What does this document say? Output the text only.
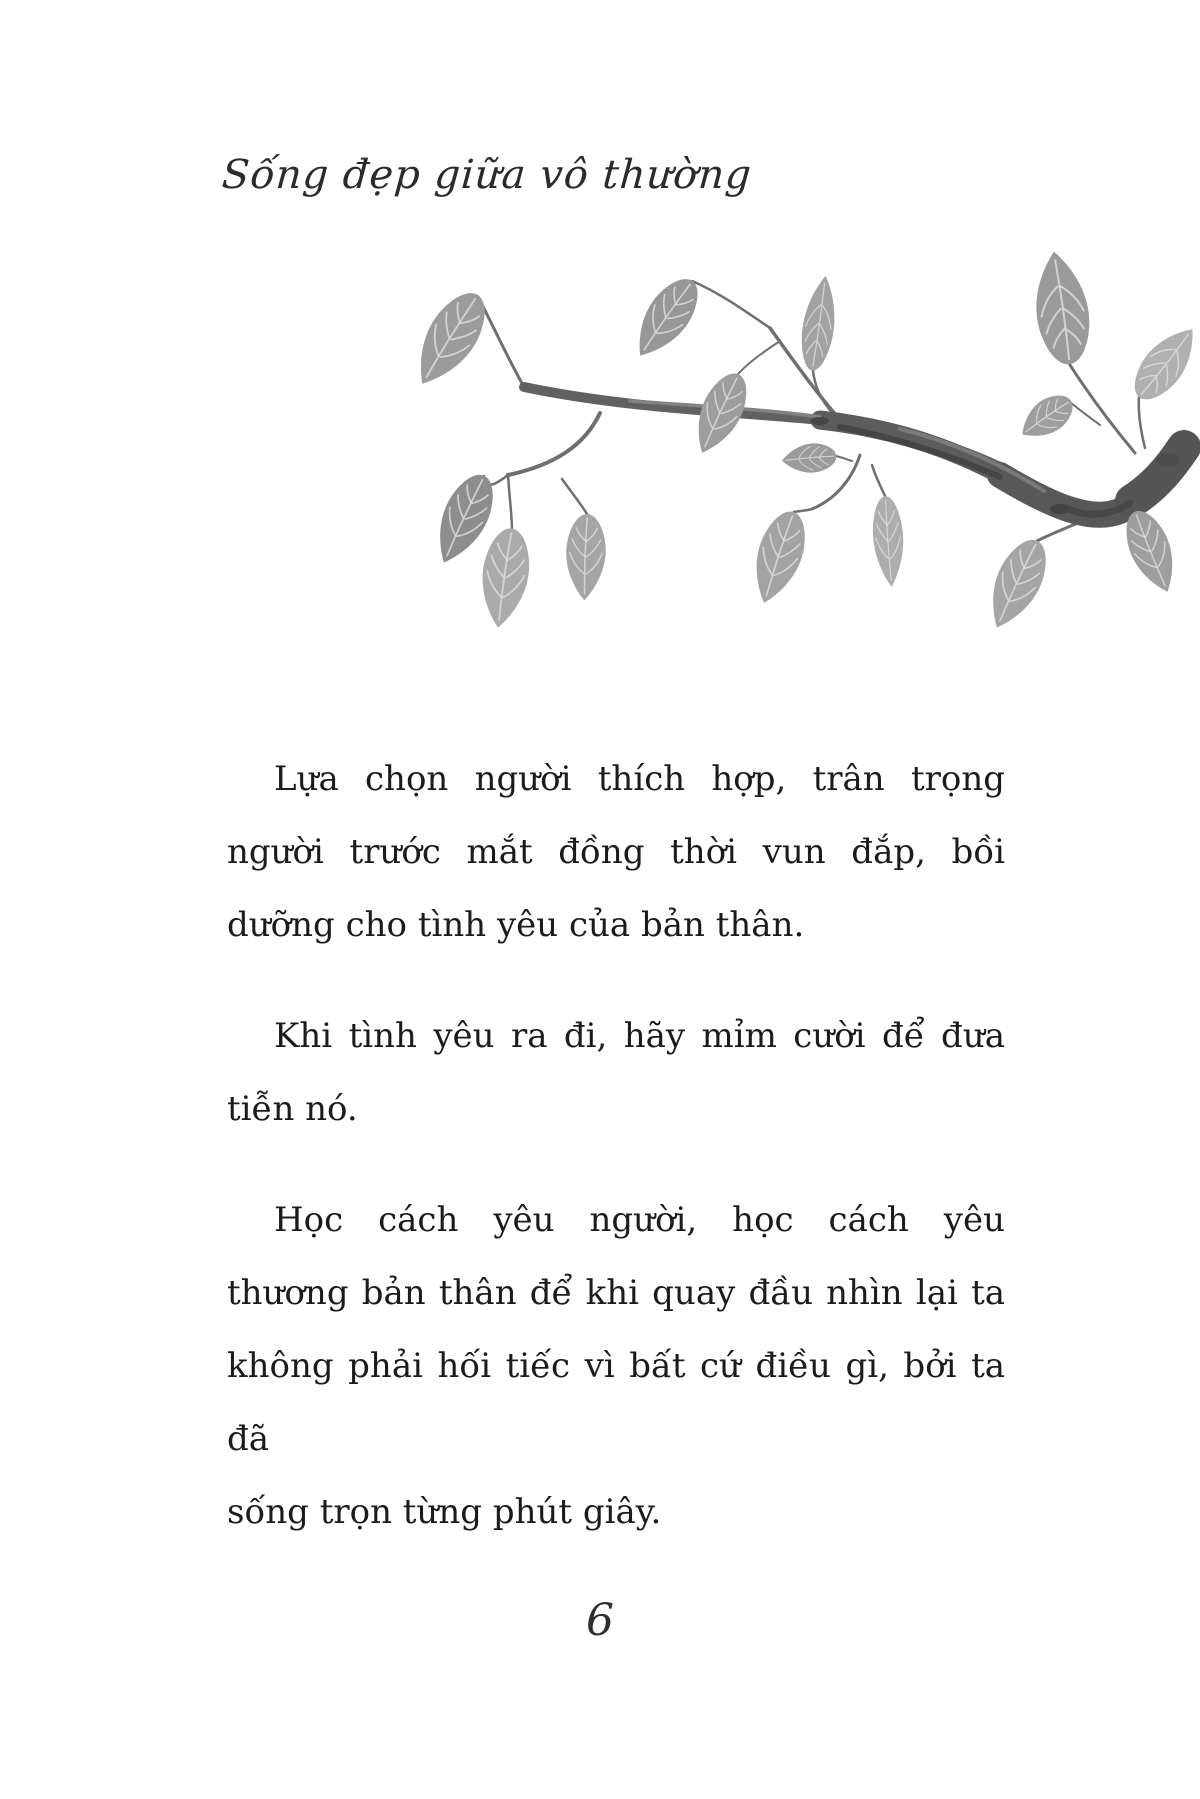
Sống đẹp giữa vô thường

Lựa chọn người thích hợp, trân trọng
người trước mắt đồng thời vun đắp, bồi
dưỡng cho tình yêu của bản thân.

Khi tình yêu ra đi, hãy mỉm cười để đưa
tiễn nó.

Học cách yêu người, học cách yêu
thương bản thân để khi quay đầu nhìn lại ta
không phải hối tiếc vì bất cứ điều gì, bởi ta đã
sống trọn từng phút giây.

6
